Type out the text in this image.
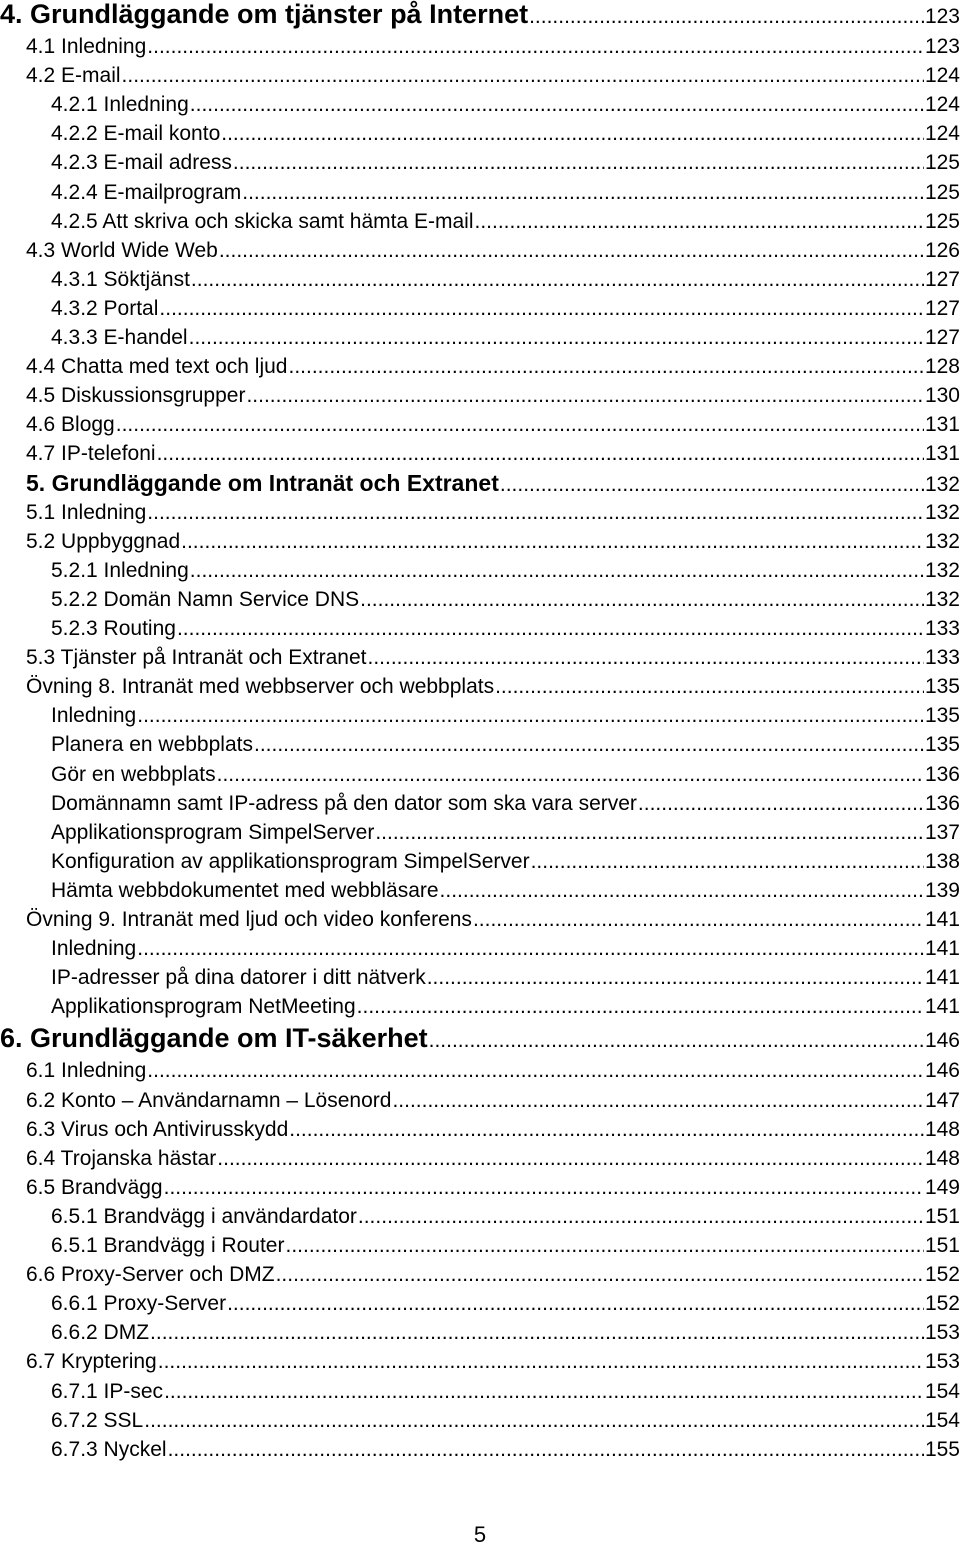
4. Grundläggande om tjänster på Internet .....	123
4.1 Inledning .....	123
4.2 E-mail .....	124
4.2.1 Inledning .....	124
4.2.2 E-mail konto .....	124
4.2.3 E-mail adress .....	125
4.2.4 E-mailprogram .....	125
4.2.5 Att skriva och skicka samt hämta E-mail .....	125
4.3 World Wide Web .....	126
4.3.1 Söktjänst .....	127
4.3.2 Portal .....	127
4.3.3 E-handel .....	127
4.4 Chatta med text och ljud .....	128
4.5 Diskussionsgrupper .....	130
4.6 Blogg .....	131
4.7 IP-telefoni .....	131
5. Grundläggande om Intranät och Extranet .....	132
5.1 Inledning .....	132
5.2 Uppbyggnad .....	132
5.2.1 Inledning .....	132
5.2.2 Domän Namn Service DNS .....	132
5.2.3 Routing .....	133
5.3 Tjänster på Intranät och Extranet .....	133
Övning 8. Intranät med webbserver och webbplats .....	135
Inledning .....	135
Planera en webbplats .....	135
Gör en webbplats .....	136
Domännamn samt IP-adress på den dator som ska vara server .....	136
Applikationsprogram SimpelServer .....	137
Konfiguration av applikationsprogram SimpelServer .....	138
Hämta webbdokumentet med webbläsare .....	139
Övning 9. Intranät med ljud och video konferens .....	141
Inledning .....	141
IP-adresser på dina datorer i ditt nätverk .....	141
Applikationsprogram NetMeeting .....	141
6. Grundläggande om IT-säkerhet .....	146
6.1 Inledning .....	146
6.2 Konto – Användarnamn – Lösenord .....	147
6.3 Virus och Antivirusskydd .....	148
6.4 Trojanska hästar .....	148
6.5 Brandvägg .....	149
6.5.1 Brandvägg i användardator .....	151
6.5.1 Brandvägg i Router .....	151
6.6 Proxy-Server och DMZ .....	152
6.6.1 Proxy-Server .....	152
6.6.2 DMZ .....	153
6.7 Kryptering .....	153
6.7.1 IP-sec .....	154
6.7.2 SSL .....	154
6.7.3 Nyckel .....	155
5
